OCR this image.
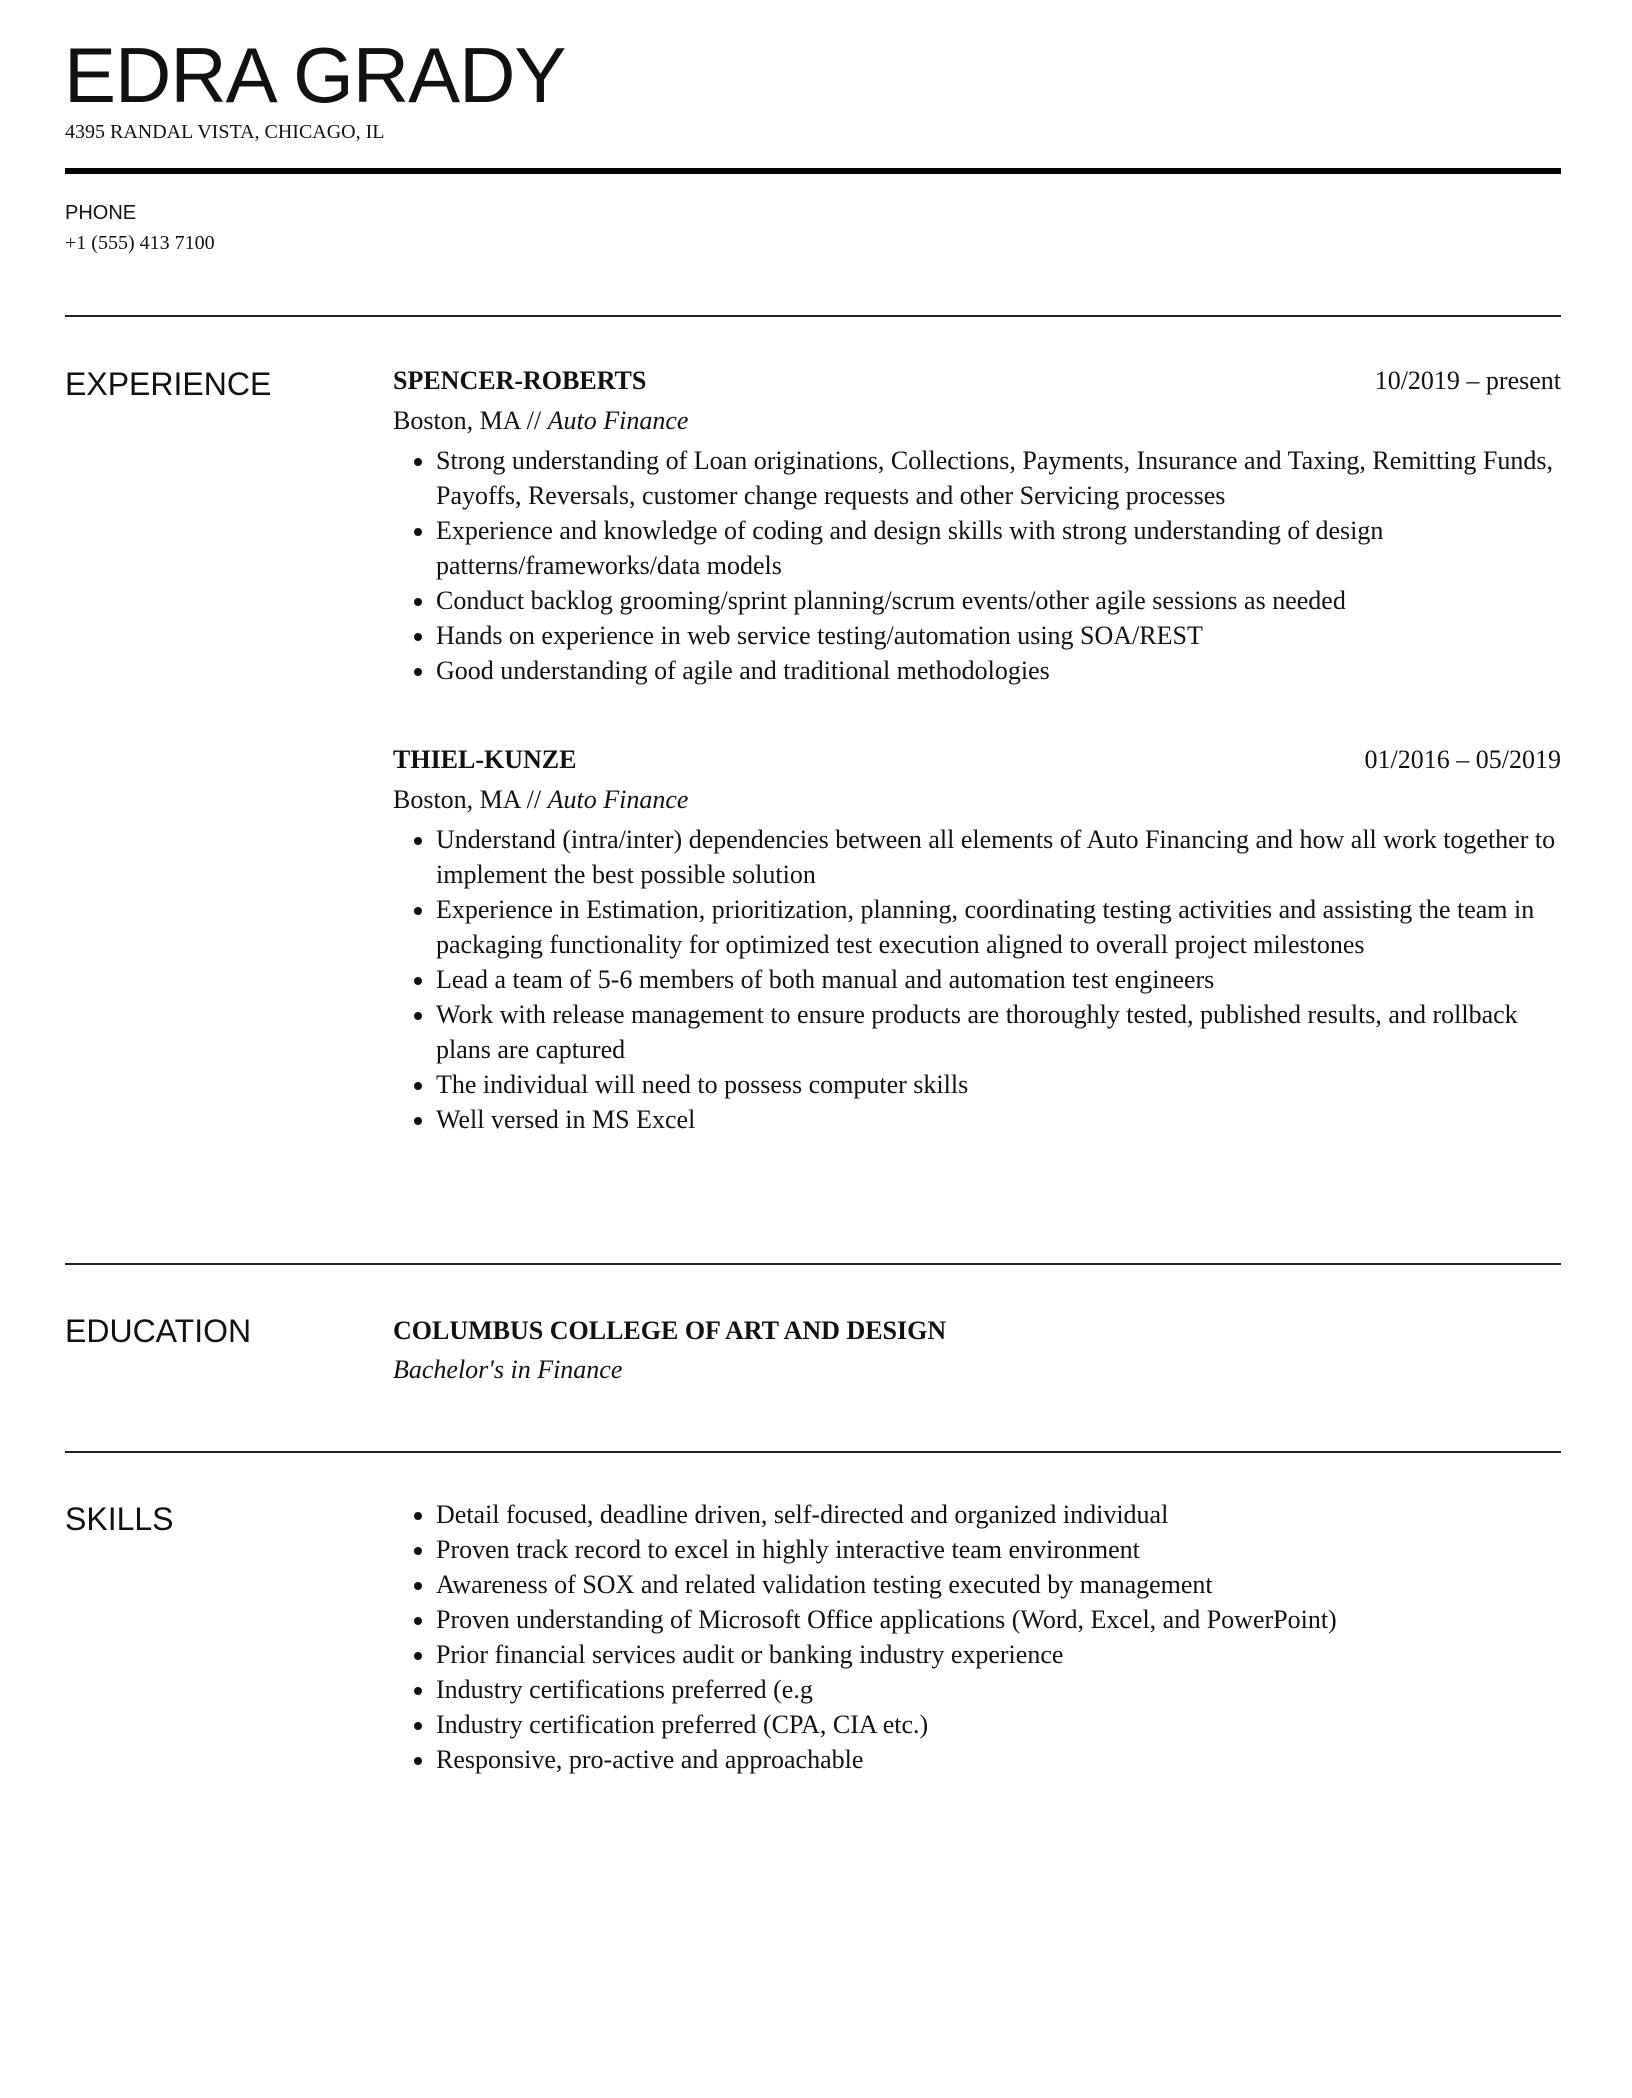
EDRA GRADY
4395 RANDAL VISTA, CHICAGO, IL
PHONE
+1 (555) 413 7100
EXPERIENCE	SPENCER-ROBERTS	10/2019 – present
Boston, MA // Auto Finance
• Strong understanding of Loan originations, Collections, Payments, Insurance and Taxing, Remitting Funds, Payoffs, Reversals, customer change requests and other Servicing processes
• Experience and knowledge of coding and design skills with strong understanding of design patterns/frameworks/data models
• Conduct backlog grooming/sprint planning/scrum events/other agile sessions as needed
• Hands on experience in web service testing/automation using SOA/REST
• Good understanding of agile and traditional methodologies
THIEL-KUNZE	01/2016 – 05/2019
Boston, MA // Auto Finance
• Understand (intra/inter) dependencies between all elements of Auto Financing and how all work together to implement the best possible solution
• Experience in Estimation, prioritization, planning, coordinating testing activities and assisting the team in packaging functionality for optimized test execution aligned to overall project milestones
• Lead a team of 5-6 members of both manual and automation test engineers
• Work with release management to ensure products are thoroughly tested, published results, and rollback plans are captured
• The individual will need to possess computer skills
• Well versed in MS Excel
EDUCATION	COLUMBUS COLLEGE OF ART AND DESIGN
Bachelor's in Finance
SKILLS	• Detail focused, deadline driven, self-directed and organized individual
• Proven track record to excel in highly interactive team environment
• Awareness of SOX and related validation testing executed by management
• Proven understanding of Microsoft Office applications (Word, Excel, and PowerPoint)
• Prior financial services audit or banking industry experience
• Industry certifications preferred (e.g
• Industry certification preferred (CPA, CIA etc.)
• Responsive, pro-active and approachable
